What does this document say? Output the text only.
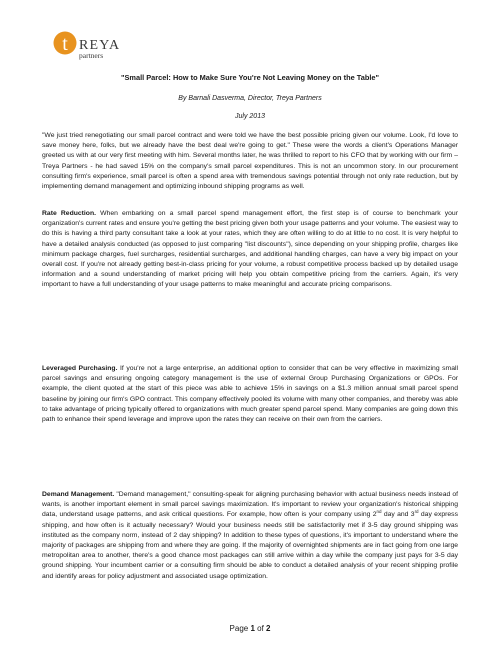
t REYA
partners
"Small Parcel: How to Make Sure You're Not Leaving Money on the Table"
By Barnali Dasverma, Director, Treya Partners
July 2013
"We just tried renegotiating our small parcel contract and were told we have the best possible pricing given our volume. Look, I'd love to save money here, folks, but we already have the best deal we're going to get." These were the words a client's Operations Manager greeted us with at our very first meeting with him. Several months later, he was thrilled to report to his CFO that by working with our firm – Treya Partners - he had saved 15% on the company's small parcel expenditures. This is not an uncommon story. In our procurement consulting firm's experience, small parcel is often a spend area with tremendous savings potential through not only rate reduction, but by implementing demand management and optimizing inbound shipping programs as well.
Rate Reduction. When embarking on a small parcel spend management effort, the first step is of course to benchmark your organization's current rates and ensure you're getting the best pricing given both your usage patterns and your volume. The easiest way to do this is having a third party consultant take a look at your rates, which they are often willing to do at little to no cost. It is very helpful to have a detailed analysis conducted (as opposed to just comparing "list discounts"), since depending on your shipping profile, charges like minimum package charges, fuel surcharges, residential surcharges, and additional handling charges, can have a very big impact on your overall cost. If you're not already getting best-in-class pricing for your volume, a robust competitive process backed up by detailed usage information and a sound understanding of market pricing will help you obtain competitive pricing from the carriers. Again, it's very important to have a full understanding of your usage patterns to make meaningful and accurate pricing comparisons.
Leveraged Purchasing. If you're not a large enterprise, an additional option to consider that can be very effective in maximizing small parcel savings and ensuring ongoing category management is the use of external Group Purchasing Organizations or GPOs. For example, the client quoted at the start of this piece was able to achieve 15% in savings on a $1.3 million annual small parcel spend baseline by joining our firm's GPO contract. This company effectively pooled its volume with many other companies, and thereby was able to take advantage of pricing typically offered to organizations with much greater spend parcel spend. Many companies are going down this path to enhance their spend leverage and improve upon the rates they can receive on their own from the carriers.
Demand Management. "Demand management," consulting-speak for aligning purchasing behavior with actual business needs instead of wants, is another important element in small parcel savings maximization. It's important to review your organization's historical shipping data, understand usage patterns, and ask critical questions. For example, how often is your company using 2nd day and 3rd day express shipping, and how often is it actually necessary? Would your business needs still be satisfactorily met if 3-5 day ground shipping was instituted as the company norm, instead of 2 day shipping? In addition to these types of questions, it's important to understand where the majority of packages are shipping from and where they are going. If the majority of overnighted shipments are in fact going from one large metropolitan area to another, there's a good chance most packages can still arrive within a day while the company just pays for 3-5 day ground shipping. Your incumbent carrier or a consulting firm should be able to conduct a detailed analysis of your recent shipping profile and identify areas for policy adjustment and associated usage optimization.
Page 1 of 2
